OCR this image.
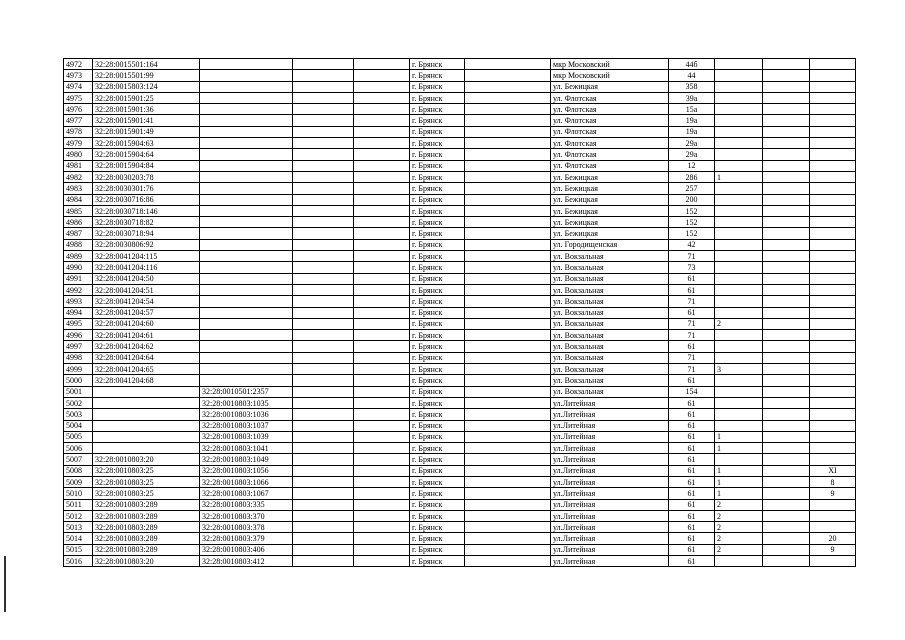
4972	32:28:0015501:164				г. Брянск		мкр Московский	44б			
4973	32:28:0015501:99				г. Брянск		мкр Московский	44			
4974	32:28:0015803:124				г. Брянск		ул. Бежицкая	358			
4975	32:28:0015901:25				г. Брянск		ул. Флотская	39а			
4976	32:28:0015901:36				г. Брянск		ул. Флотская	15а			
4977	32:28:0015901:41				г. Брянск		ул. Флотская	19а			
4978	32:28:0015901:49				г. Брянск		ул. Флотская	19а			
4979	32:28:0015904:63				г. Брянск		ул. Флотская	29а			
4980	32:28:0015904:64				г. Брянск		ул. Флотская	29а			
4981	32:28:0015904:84				г. Брянск		ул. Флотская	12			
4982	32:28:0030203:78				г. Брянск		ул. Бежицкая	286	1		
4983	32:28:0030301:76				г. Брянск		ул. Бежицкая	257			
4984	32:28:0030716:86				г. Брянск		ул. Бежицкая	200			
4985	32:28:0030718:146				г. Брянск		ул. Бежицкая	152			
4986	32:28:0030718:82				г. Брянск		ул. Бежицкая	152			
4987	32:28:0030718:94				г. Брянск		ул. Бежицкая	152			
4988	32:28:0030806:92				г. Брянск		ул. Городищенская	42			
4989	32:28:0041204:115				г. Брянск		ул. Вокзальная	71			
4990	32:28:0041204:116				г. Брянск		ул. Вокзальная	73			
4991	32:28:0041204:50				г. Брянск		ул. Вокзальная	61			
4992	32:28:0041204:51				г. Брянск		ул. Вокзальная	61			
4993	32:28:0041204:54				г. Брянск		ул. Вокзальная	71			
4994	32:28:0041204:57				г. Брянск		ул. Вокзальная	61			
4995	32:28:0041204:60				г. Брянск		ул. Вокзальная	71	2		
4996	32:28:0041204:61				г. Брянск		ул. Вокзальная	71			
4997	32:28:0041204:62				г. Брянск		ул. Вокзальная	61			
4998	32:28:0041204:64				г. Брянск		ул. Вокзальная	71			
4999	32:28:0041204:65				г. Брянск		ул. Вокзальная	71	3		
5000	32:28:0041204:68				г. Брянск		ул. Вокзальная	61			
5001		32:28:0010501:2357			г. Брянск		ул. Вокзальная	154			
5002		32:28:0010803:1035			г. Брянск		ул.Литейная	61			
5003		32:28:0010803:1036			г. Брянск		ул.Литейная	61			
5004		32:28:0010803:1037			г. Брянск		ул.Литейная	61			
5005		32:28:0010803:1039			г. Брянск		ул.Литейная	61	1		
5006		32:28:0010803:1041			г. Брянск		ул.Литейная	61	1		
5007	32:28:0010803:20	32:28:0010803:1049			г. Брянск		ул.Литейная	61			
5008	32:28:0010803:25	32:28:0010803:1056			г. Брянск		ул.Литейная	61	1		XI
5009	32:28:0010803:25	32:28:0010803:1066			г. Брянск		ул.Литейная	61	1		8
5010	32:28:0010803:25	32:28:0010803:1067			г. Брянск		ул.Литейная	61	1		9
5011	32:28:0010803:289	32:28:0010803:335			г. Брянск		ул.Литейная	61	2		
5012	32:28:0010803:289	32:28:0010803:370			г. Брянск		ул.Литейная	61	2		
5013	32:28:0010803:289	32:28:0010803:378			г. Брянск		ул.Литейная	61	2		
5014	32:28:0010803:289	32:28:0010803:379			г. Брянск		ул.Литейная	61	2		20
5015	32:28:0010803:289	32:28:0010803:406			г. Брянск		ул.Литейная	61	2		9
5016	32:28:0010803:20	32:28:0010803:412			г. Брянск		ул.Литейная	61			
